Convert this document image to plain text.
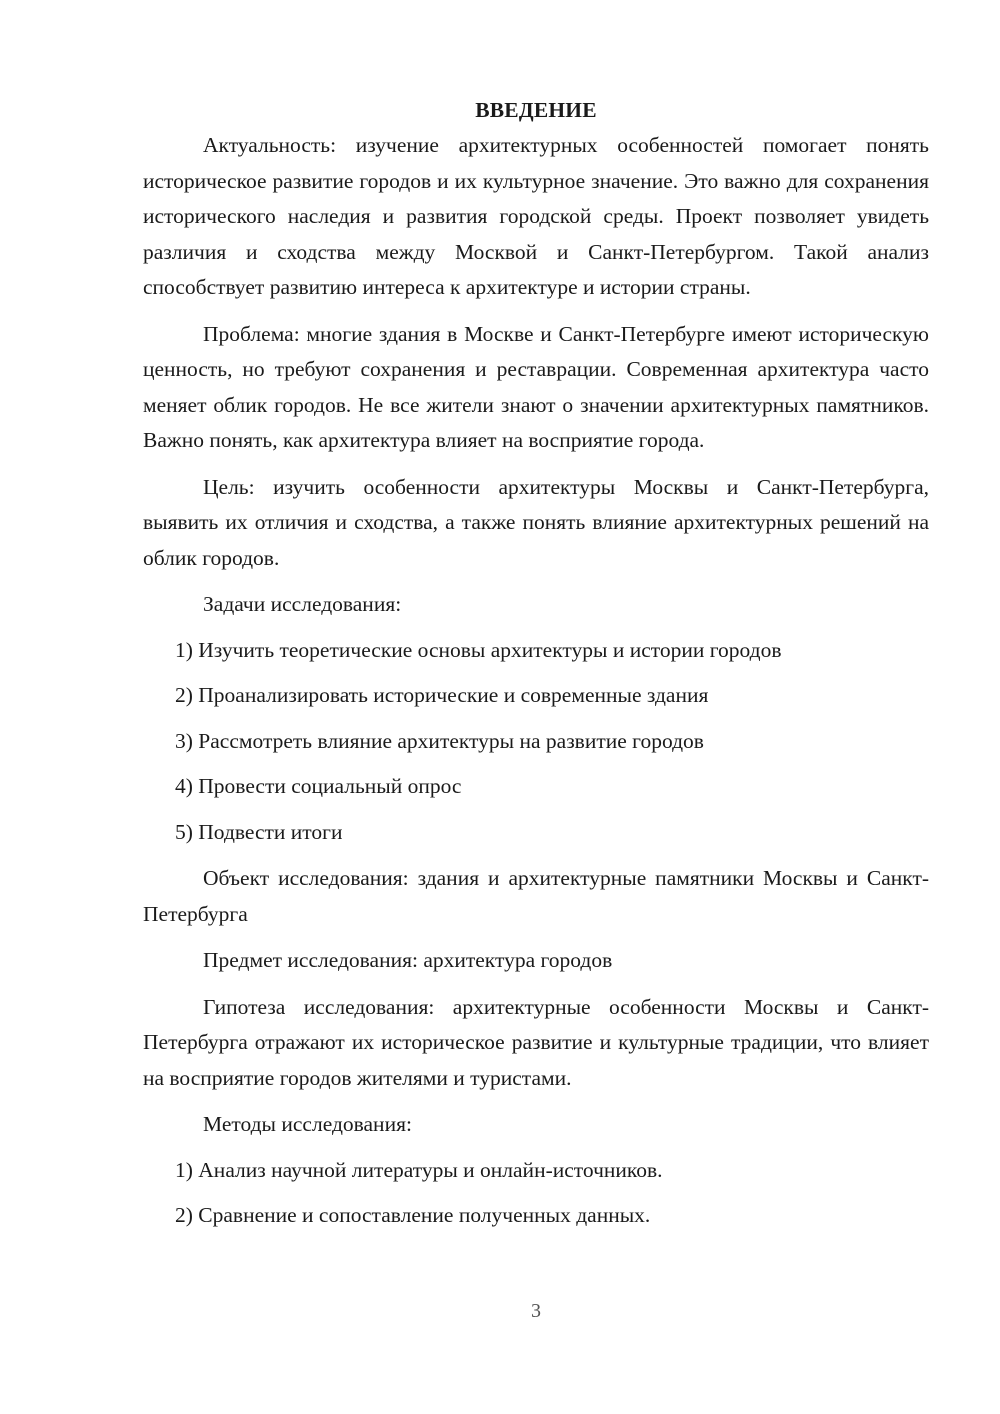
ВВЕДЕНИЕ

Актуальность: изучение архитектурных особенностей помогает понять историческое развитие городов и их культурное значение. Это важно для сохранения исторического наследия и развития городской среды. Проект позволяет увидеть различия и сходства между Москвой и Санкт-Петербургом. Такой анализ способствует развитию интереса к архитектуре и истории страны.

Проблема: многие здания в Москве и Санкт-Петербурге имеют историческую ценность, но требуют сохранения и реставрации. Современная архитектура часто меняет облик городов. Не все жители знают о значении архитектурных памятников. Важно понять, как архитектура влияет на восприятие города.

Цель: изучить особенности архитектуры Москвы и Санкт-Петербурга, выявить их отличия и сходства, а также понять влияние архитектурных решений на облик городов.

Задачи исследования:

1) Изучить теоретические основы архитектуры и истории городов

2) Проанализировать исторические и современные здания

3) Рассмотреть влияние архитектуры на развитие городов

4) Провести социальный опрос

5) Подвести итоги

Объект исследования: здания и архитектурные памятники Москвы и Санкт-Петербурга

Предмет исследования: архитектура городов

Гипотеза исследования: архитектурные особенности Москвы и Санкт-Петербурга отражают их историческое развитие и культурные традиции, что влияет на восприятие городов жителями и туристами.

Методы исследования:

1) Анализ научной литературы и онлайн-источников.

2) Сравнение и сопоставление полученных данных.

3
